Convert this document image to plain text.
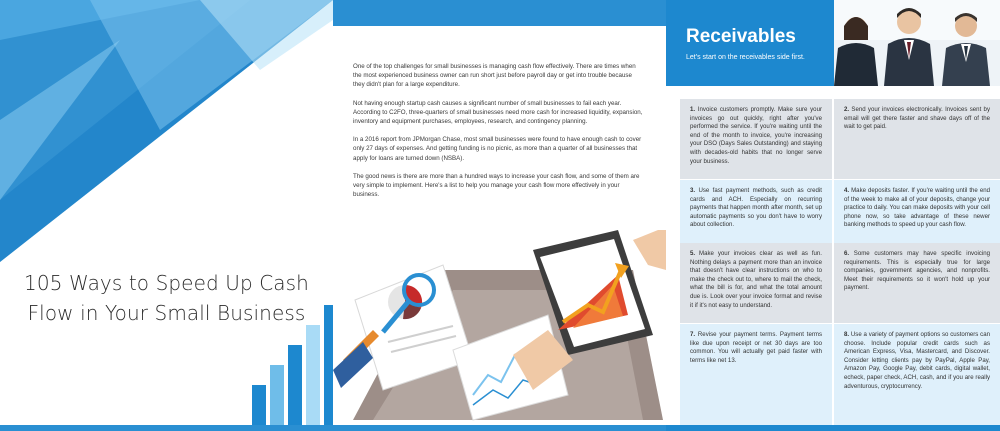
105 Ways to Speed Up Cash
Flow in Your Small Business

One of the top challenges for small businesses is managing cash flow effectively. There are times when the most experienced business owner can run short just before payroll day or get into trouble because they didn't plan for a large expenditure.

Not having enough startup cash causes a significant number of small businesses to fail each year. According to C2FO, three-quarters of small businesses need more cash for increased liquidity, expansion, inventory and equipment purchases, employees, research, and contingency planning.

In a 2016 report from JPMorgan Chase, most small businesses were found to have enough cash to cover only 27 days of expenses. And getting funding is no picnic, as more than a quarter of all businesses that apply for loans are turned down (NSBA).

The good news is there are more than a hundred ways to increase your cash flow, and some of them are very simple to implement. Here's a list to help you manage your cash flow more effectively in your business.

Receivables
Let's start on the receivables side first.
1. Invoice customers promptly. Make sure your invoices go out quickly, right after you've performed the service. If you're waiting until the end of the month to invoice, you're increasing your DSO (Days Sales Outstanding) and staying with decades-old habits that no longer serve your business.
2. Send your invoices electronically. Invoices sent by email will get there faster and shave days off of the wait to get paid.
3. Use fast payment methods, such as credit cards and ACH. Especially on recurring payments that happen month after month, set up automatic payments so you don't have to worry about collection.
4. Make deposits faster. If you're waiting until the end of the week to make all of your deposits, change your practice to daily. You can make deposits with your cell phone now, so take advantage of these newer banking methods to speed up your cash flow.
5. Make your invoices clear as well as fun. Nothing delays a payment more than an invoice that doesn't have clear instructions on who to make the check out to, where to mail the check, what the bill is for, and what the total amount due is. Look over your invoice format and revise it if it's not easy to understand.
6. Some customers may have specific invoicing requirements. This is especially true for large companies, government agencies, and nonprofits. Meet their requirements so it won't hold up your payment.
7. Revise your payment terms. Payment terms like due upon receipt or net 30 days are too common. You will actually get paid faster with terms like net 13.
8. Use a variety of payment options so customers can choose. Include popular credit cards such as American Express, Visa, Mastercard, and Discover. Consider letting clients pay by PayPal, Apple Pay, Amazon Pay, Google Pay, debit cards, digital wallet, echeck, paper check, ACH, cash, and if you are really adventurous, cryptocurrency.
